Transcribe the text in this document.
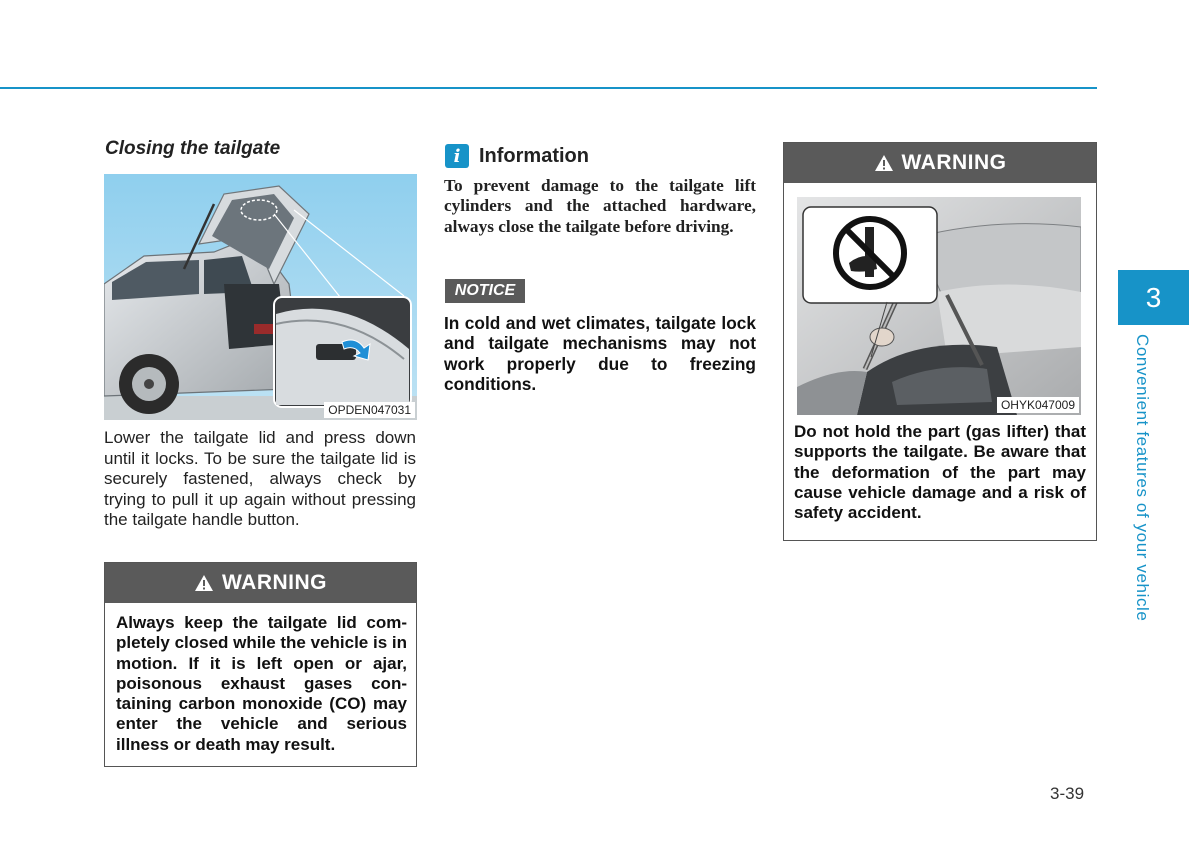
Closing the tailgate
OPDEN047031
Lower the tailgate lid and press down until it locks. To be sure the tailgate lid is securely fastened, always check by trying to pull it up again without pressing the tailgate handle button.
WARNING
Always keep the tailgate lid completely closed while the vehicle is in motion. If it is left open or ajar, poisonous exhaust gases containing carbon monoxide (CO) may enter the vehicle and serious illness or death may result.
i Information
To prevent damage to the tailgate lift cylinders and the attached hardware, always close the tailgate before driving.
NOTICE
In cold and wet climates, tailgate lock and tailgate mechanisms may not work properly due to freezing conditions.
WARNING
OHYK047009
Do not hold the part (gas lifter) that supports the tailgate. Be aware that the deformation of the part may cause vehicle damage and a risk of safety accident.
3
Convenient features of your vehicle
3-39
